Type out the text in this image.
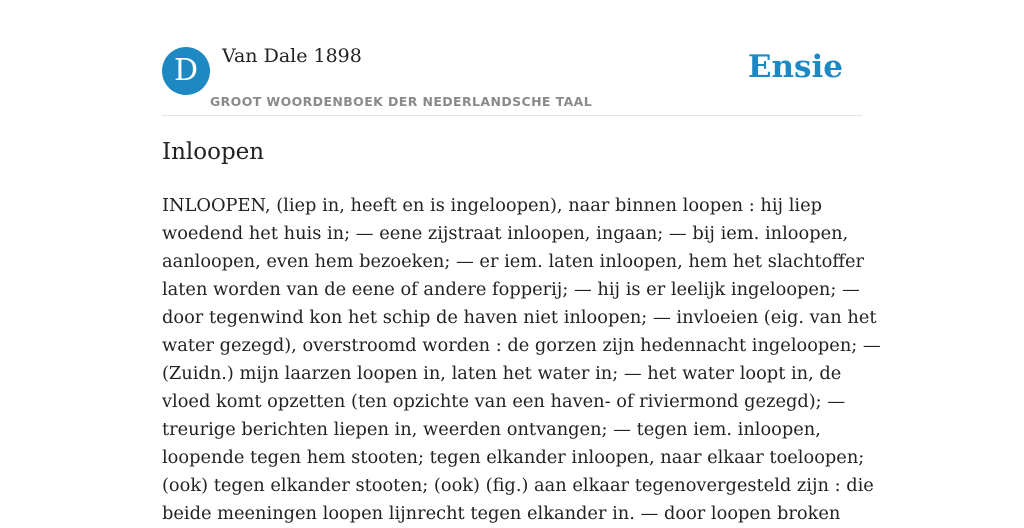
D	Van Dale 1898
GROOT WOORDENBOEK DER NEDERLANDSCHE TAAL
Ensie
Inloopen
INLOOPEN, (liep in, heeft en is ingeloopen), naar binnen loopen : hij liep
woedend het huis in; — eene zijstraat inloopen, ingaan; — bij iem. inloopen,
aanloopen, even hem bezoeken; — er iem. laten inloopen, hem het slachtoffer
laten worden van de eene of andere fopperij; — hij is er leelijk ingeloopen; —
door tegenwind kon het schip de haven niet inloopen; — invloeien (eig. van het
water gezegd), overstroomd worden : de gorzen zijn hedennacht ingeloopen; —
(Zuidn.) mijn laarzen loopen in, laten het water in; — het water loopt in, de
vloed komt opzetten (ten opzichte van een haven- of riviermond gezegd); —
treurige berichten liepen in, weerden ontvangen; — tegen iem. inloopen,
loopende tegen hem stooten; tegen elkander inloopen, naar elkaar toeloopen;
(ook) tegen elkander stooten; (ook) (fig.) aan elkaar tegenovergesteld zijn : die
beide meeningen loopen lijnrecht tegen elkander in. — door loopen broken
